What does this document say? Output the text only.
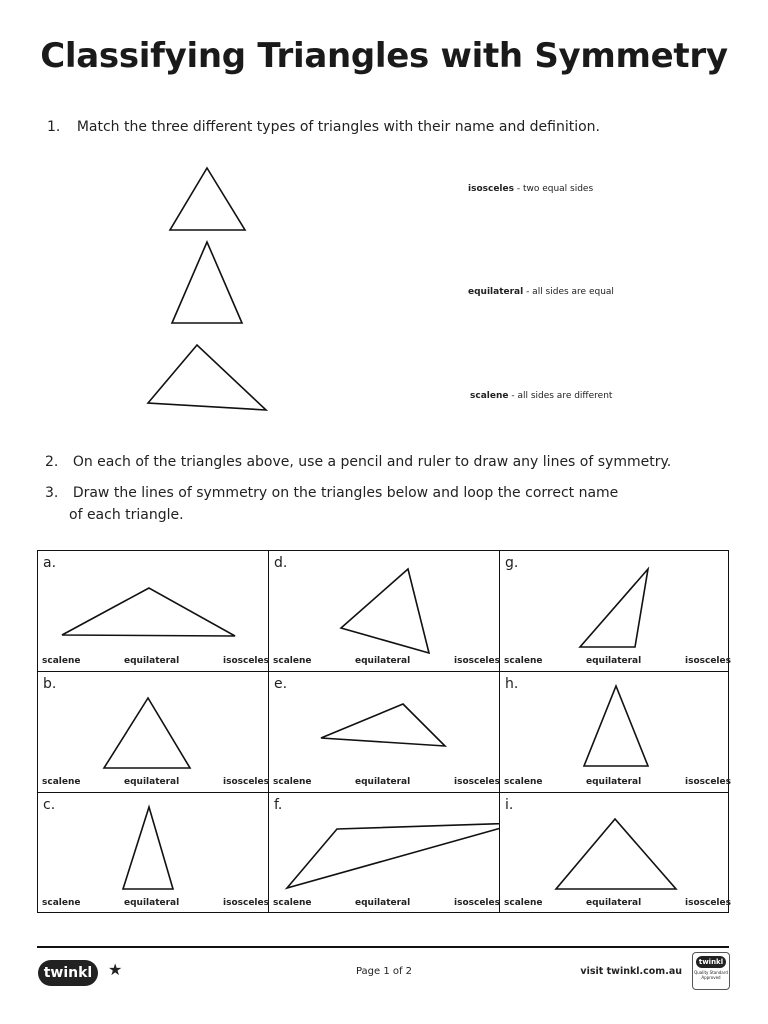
Classifying Triangles with Symmetry
1. Match the three different types of triangles with their name and definition.
isosceles - two equal sides
equilateral - all sides are equal
scalene - all sides are different
2. On each of the triangles above, use a pencil and ruler to draw any lines of symmetry.
3. Draw the lines of symmetry on the triangles below and loop the correct name
of each triangle.
a.
scalene	equilateral	isosceles
d.
scalene	equilateral	isosceles
g.
scalene	equilateral	isosceles
b.
scalene	equilateral	isosceles
e.
scalene	equilateral	isosceles
h.
scalene	equilateral	isosceles
c.
scalene	equilateral	isosceles
f.
scalene	equilateral	isosceles
i.
scalene	equilateral	isosceles
twinkl ★	Page 1 of 2	visit twinkl.com.au
twinkl
Quality Standard Approved
